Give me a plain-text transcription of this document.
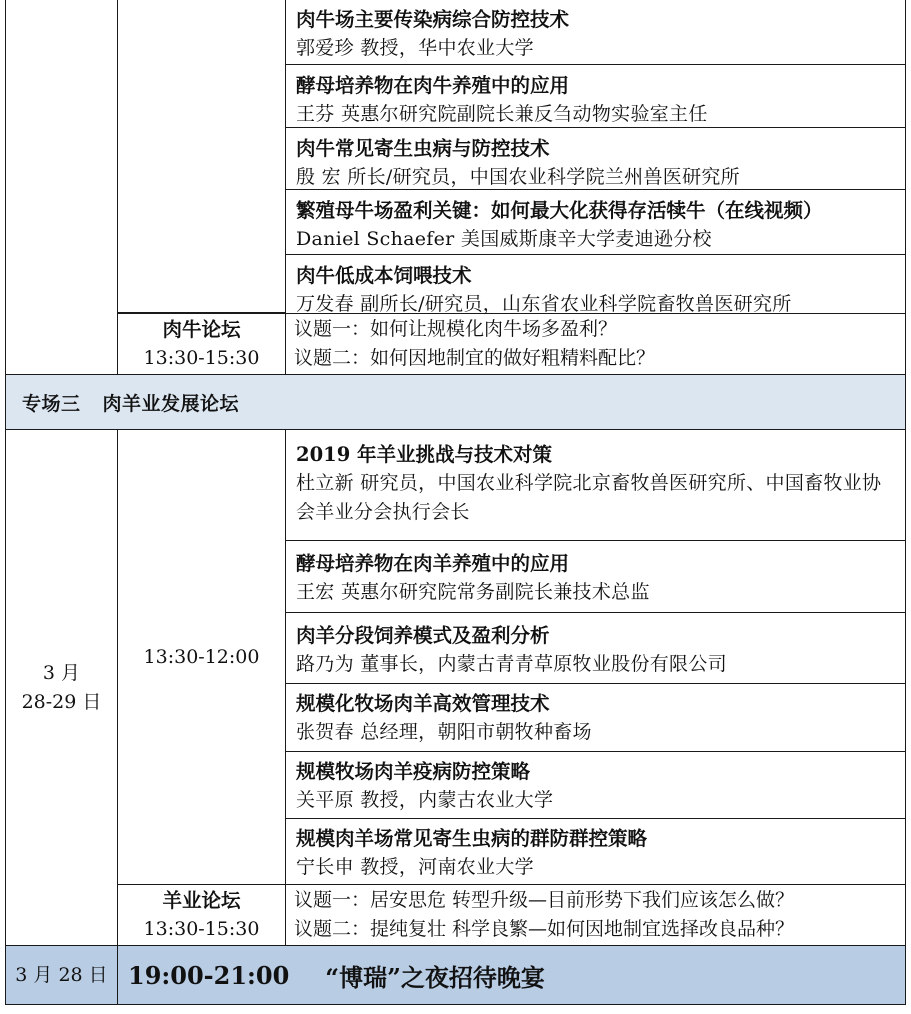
肉牛场主要传染病综合防控技术
郭爱珍 教授，华中农业大学
酵母培养物在肉牛养殖中的应用
王芬 英惠尔研究院副院长兼反刍动物实验室主任
肉牛常见寄生虫病与防控技术
殷 宏 所长/研究员，中国农业科学院兰州兽医研究所
繁殖母牛场盈利关键：如何最大化获得存活犊牛（在线视频）
Daniel Schaefer 美国威斯康辛大学麦迪逊分校
肉牛低成本饲喂技术
万发春 副所长/研究员，山东省农业科学院畜牧兽医研究所
肉牛论坛
13:30-15:30
议题一：如何让规模化肉牛场多盈利？
议题二：如何因地制宜的做好粗精料配比？
专场三 肉羊业发展论坛
3 月
28-29 日
13:30-12:00
2019 年羊业挑战与技术对策
杜立新 研究员，中国农业科学院北京畜牧兽医研究所、中国畜牧业协会羊业分会执行会长
酵母培养物在肉羊养殖中的应用
王宏 英惠尔研究院常务副院长兼技术总监
肉羊分段饲养模式及盈利分析
路乃为 董事长，内蒙古青青草原牧业股份有限公司
规模化牧场肉羊高效管理技术
张贺春 总经理，朝阳市朝牧种畜场
规模牧场肉羊疫病防控策略
关平原 教授，内蒙古农业大学
规模肉羊场常见寄生虫病的群防群控策略
宁长申 教授，河南农业大学
羊业论坛
13:30-15:30
议题一：居安思危 转型升级—目前形势下我们应该怎么做？
议题二：提纯复壮 科学良繁—如何因地制宜选择改良品种？
3 月 28 日 19:00-21:00 “博瑞”之夜招待晚宴
